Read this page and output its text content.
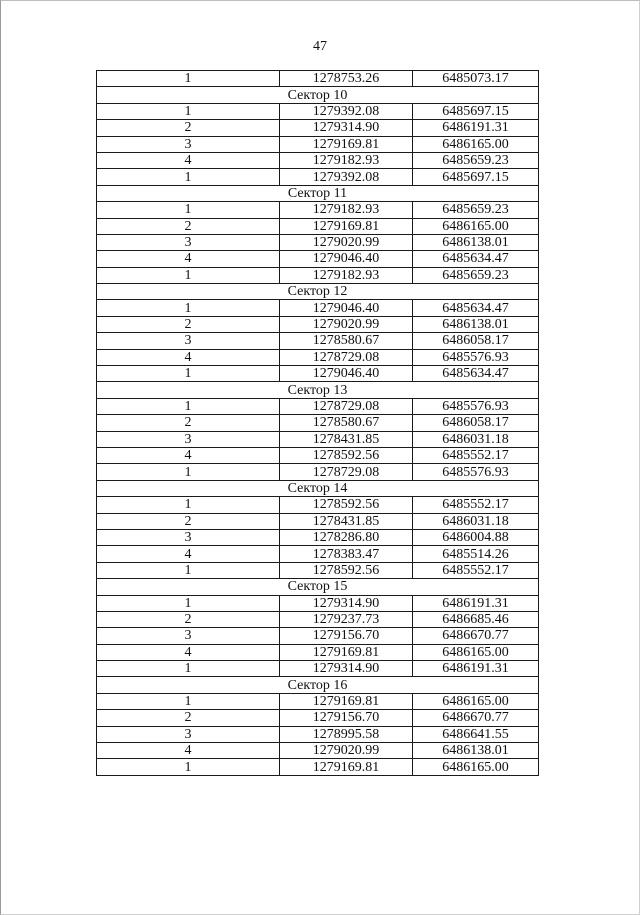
47
1	1278753.26	6485073.17
Сектор 10		
1	1279392.08	6485697.15
2	1279314.90	6486191.31
3	1279169.81	6486165.00
4	1279182.93	6485659.23
1	1279392.08	6485697.15
Сектор 11		
1	1279182.93	6485659.23
2	1279169.81	6486165.00
3	1279020.99	6486138.01
4	1279046.40	6485634.47
1	1279182.93	6485659.23
Сектор 12		
1	1279046.40	6485634.47
2	1279020.99	6486138.01
3	1278580.67	6486058.17
4	1278729.08	6485576.93
1	1279046.40	6485634.47
Сектор 13		
1	1278729.08	6485576.93
2	1278580.67	6486058.17
3	1278431.85	6486031.18
4	1278592.56	6485552.17
1	1278729.08	6485576.93
Сектор 14		
1	1278592.56	6485552.17
2	1278431.85	6486031.18
3	1278286.80	6486004.88
4	1278383.47	6485514.26
1	1278592.56	6485552.17
Сектор 15		
1	1279314.90	6486191.31
2	1279237.73	6486685.46
3	1279156.70	6486670.77
4	1279169.81	6486165.00
1	1279314.90	6486191.31
Сектор 16		
1	1279169.81	6486165.00
2	1279156.70	6486670.77
3	1278995.58	6486641.55
4	1279020.99	6486138.01
1	1279169.81	6486165.00
